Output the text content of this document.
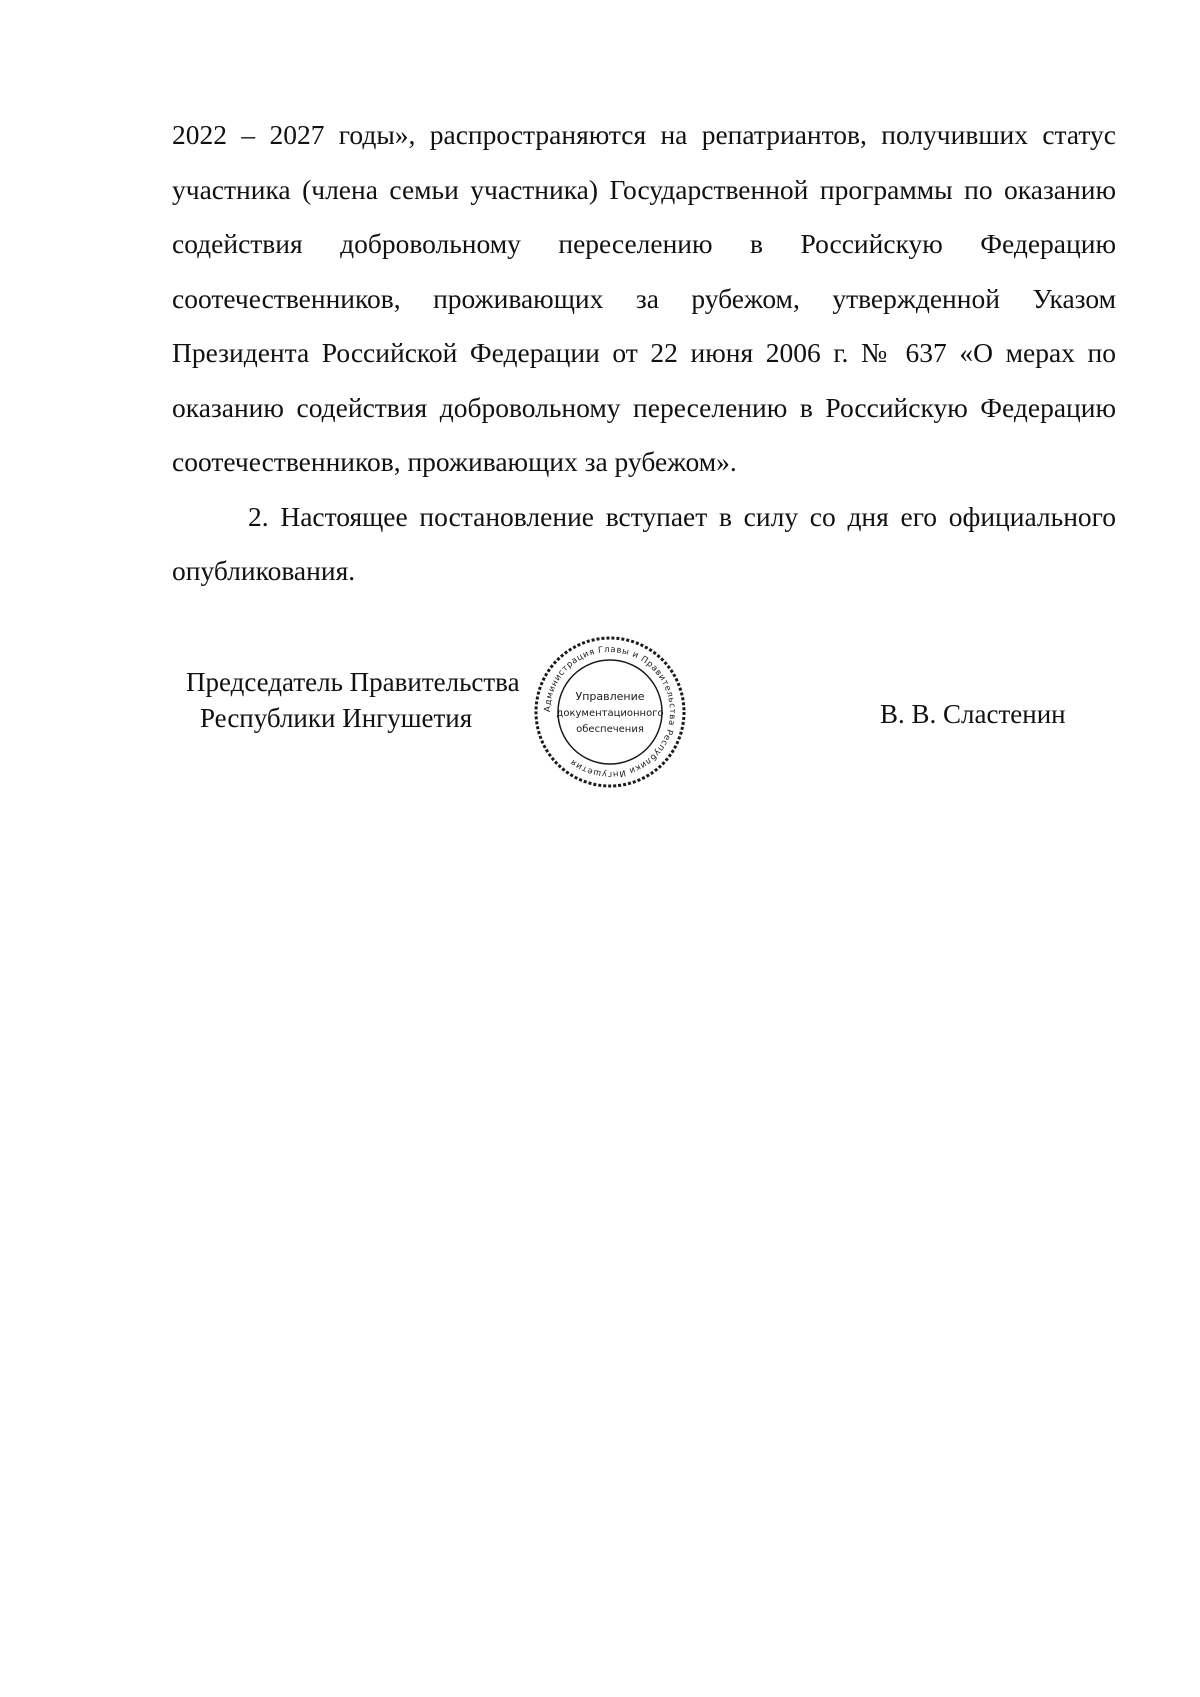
2022 – 2027 годы», распространяются на репатриантов, получивших статус участника (члена семьи участника) Государственной программы по оказанию содействия добровольному переселению в Российскую Федерацию соотечественников, проживающих за рубежом, утвержденной Указом Президента Российской Федерации от 22 июня 2006 г. № 637 «О мерах по оказанию содействия добровольному переселению в Российскую Федерацию соотечественников, проживающих за рубежом».

2. Настоящее постановление вступает в силу со дня его официального опубликования.

Председатель Правительства
Республики Ингушетия	Администрация Главы и Правительства Республики Ингушетия
Управление
документационного
обеспечения
В. В. Сластенин
